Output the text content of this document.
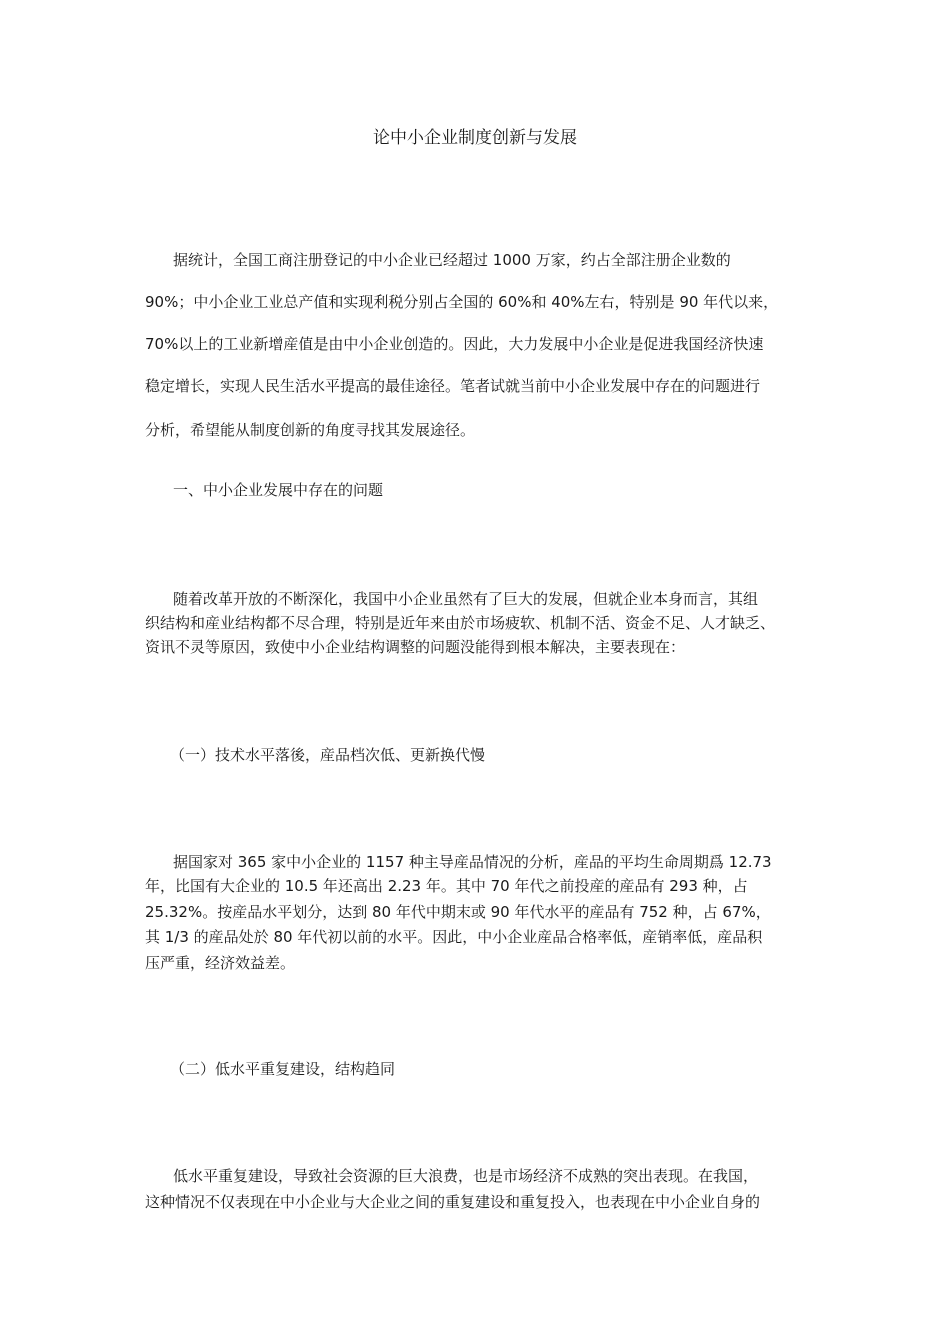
论中小企业制度创新与发展
据统计，全国工商注册登记的中小企业已经超过 1000 万家，约占全部注册企业数的
90%；中小企业工业总产值和实现利税分别占全国的 60%和 40%左右，特别是 90 年代以来，
70%以上的工业新增産值是由中小企业创造的。因此，大力发展中小企业是促进我国经济快速
稳定增长，实现人民生活水平提高的最佳途径。笔者试就当前中小企业发展中存在的问题进行
分析，希望能从制度创新的角度寻找其发展途径。
一、中小企业发展中存在的问题
随着改革开放的不断深化，我国中小企业虽然有了巨大的发展，但就企业本身而言，其组
织结构和産业结构都不尽合理，特别是近年来由於市场疲软、机制不活、资金不足、人才缺乏、
资讯不灵等原因，致使中小企业结构调整的问题没能得到根本解决，主要表现在：
（一）技术水平落後，産品档次低、更新换代慢
据国家对 365 家中小企业的 1157 种主导産品情况的分析，産品的平均生命周期爲 12.73
年，比国有大企业的 10.5 年还高出 2.23 年。其中 70 年代之前投産的産品有 293 种，占
25.32%。按産品水平划分，达到 80 年代中期末或 90 年代水平的産品有 752 种，占 67%，
其 1/3 的産品处於 80 年代初以前的水平。因此，中小企业産品合格率低，産销率低，産品积
压严重，经济效益差。
（二）低水平重复建设，结构趋同
低水平重复建设，导致社会资源的巨大浪费，也是市场经济不成熟的突出表现。在我国，
这种情况不仅表现在中小企业与大企业之间的重复建设和重复投入，也表现在中小企业自身的
